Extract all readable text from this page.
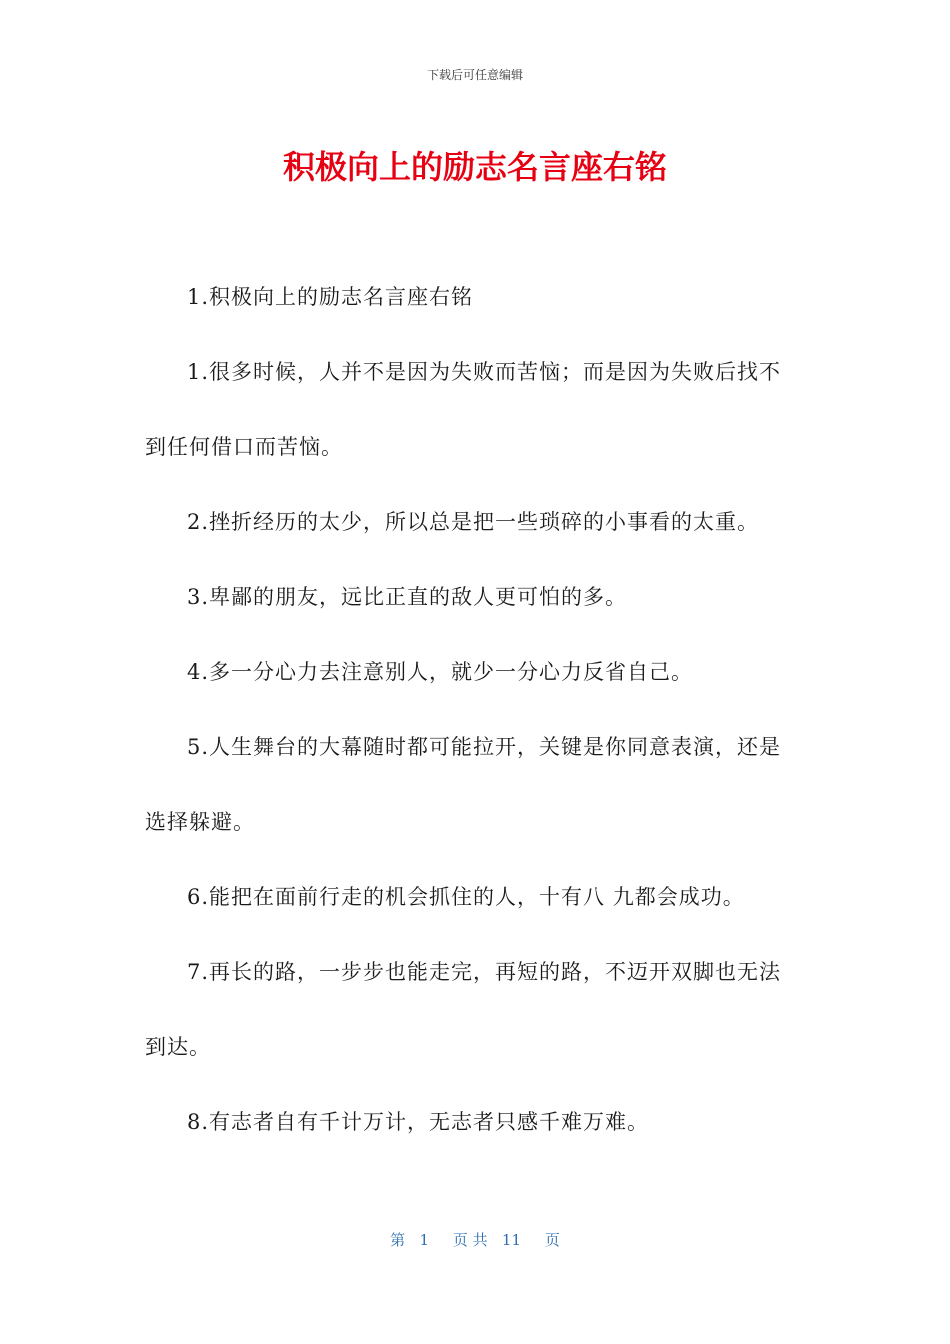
下载后可任意编辑
积极向上的励志名言座右铭

1.积极向上的励志名言座右铭

1.很多时候，人并不是因为失败而苦恼；而是因为失败后找不到任何借口而苦恼。

2.挫折经历的太少，所以总是把一些琐碎的小事看的太重。

3.卑鄙的朋友，远比正直的敌人更可怕的多。

4.多一分心力去注意别人，就少一分心力反省自己。

5.人生舞台的大幕随时都可能拉开，关键是你同意表演，还是选择躲避。

6.能把在面前行走的机会抓住的人，十有八 九都会成功。

7.再长的路，一步步也能走完，再短的路，不迈开双脚也无法到达。

8.有志者自有千计万计，无志者只感千难万难。

第 1 页 共 11 页
